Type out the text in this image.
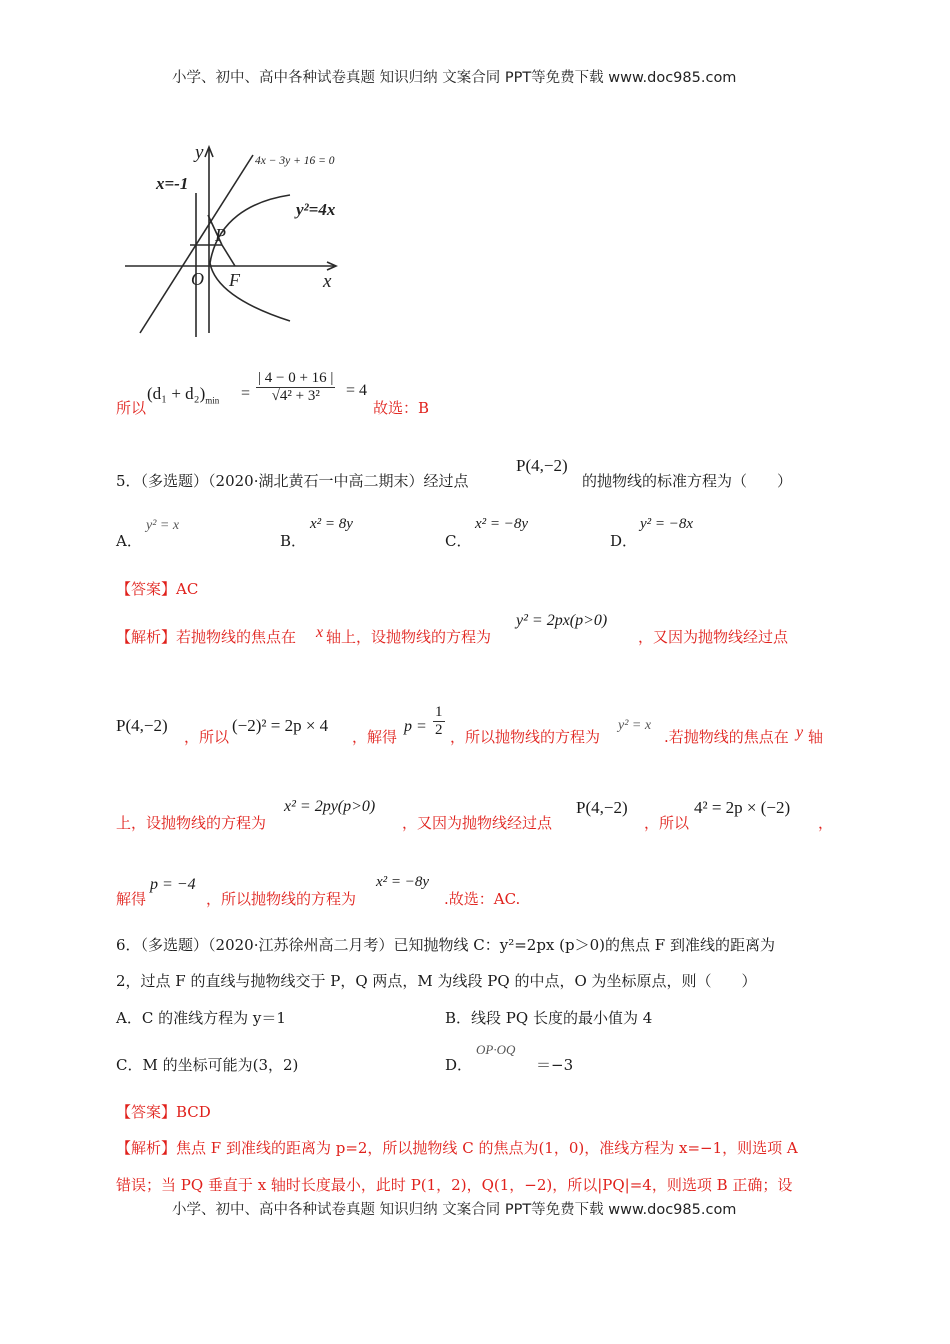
小学、初中、高中各种试卷真题 知识归纳 文案合同 PPT等免费下载 www.doc985.com
y
x
4x − 3y + 16 = 0
x=-1
y²=4x
P
O F
所以
$(d_1 + d_2)_{min} = \frac{| 4 - 0 + 16 |}{\text{√4² + 3²}} = 4$
故选：B
5．（多选题）（2020·湖北黄石一中高二期末）经过点
P(4,−2)
的抛物线的标准方程为（　　）
A．
y² = x
B．
x² = 8y
C．
x² = −8y
D．
y² = −8x
【答案】AC
【解析】若抛物线的焦点在 x 轴上，设抛物线的方程为
y² = 2px(p>0)
，又因为抛物线经过点
P(4,−2)
，所以
(−2)² = 2p × 4
，解得
$p = \frac{1}{2}$ ，所以抛物线的方程为
y² = x
.若抛物线的焦点在 y 轴
上，设抛物线的方程为
x² = 2py(p>0)
，又因为抛物线经过点
P(4,−2)
，所以
4² = 2p × (−2)
，
解得
p = −4
，所以抛物线的方程为
x² = −8y
.故选：AC.
6．（多选题）（2020·江苏徐州高二月考）已知抛物线 C：y²=2px (p＞0)的焦点 F 到准线的距离为
2，过点 F 的直线与抛物线交于 P，Q 两点，M 为线段 PQ 的中点，O 为坐标原点，则（　　）
A．C 的准线方程为 y＝1	B．线段 PQ 长度的最小值为 4
C．M 的坐标可能为(3，2)	D．
OP·OQ
＝−3
【答案】BCD
【解析】焦点 F 到准线的距离为 p=2，所以抛物线 C 的焦点为(1，0)，准线方程为 x=−1，则选项 A
错误；当 PQ 垂直于 x 轴时长度最小，此时 P(1，2)，Q(1，−2)，所以|PQ|=4，则选项 B 正确；设
小学、初中、高中各种试卷真题 知识归纳 文案合同 PPT等免费下载 www.doc985.com
